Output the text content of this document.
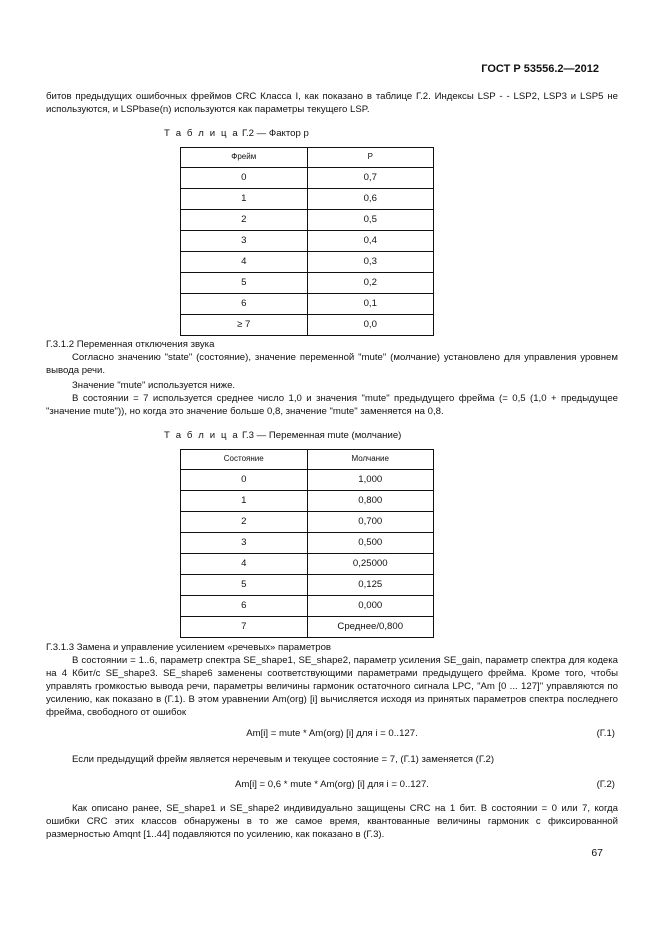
ГОСТ Р 53556.2—2012
битов предыдущих ошибочных фреймов CRC Класса I, как показано в таблице Г.2. Индексы LSP - - LSP2, LSP3 и LSP5 не используются, и LSPbase(n) используются как параметры текущего LSP.
Т а б л и ц а Г.2 — Фактор p
Фрейм	P
0	0,7
1	0,6
2	0,5
3	0,4
4	0,3
5	0,2
6	0,1
≥ 7	0,0
Г.3.1.2 Переменная отключения звука
Согласно значению "state" (состояние), значение переменной "mute" (молчание) установлено для управления уровнем вывода речи.
Значение "mute" используется ниже.
В состоянии = 7 используется среднее число 1,0 и значения "mute" предыдущего фрейма (= 0,5 (1,0 + предыдущее "значение mute")), но когда это значение больше 0,8, значение "mute" заменяется на 0,8.
Т а б л и ц а Г.3 — Переменная mute (молчание)
Состояние	Молчание
0	1,000
1	0,800
2	0,700
3	0,500
4	0,25000
5	0,125
6	0,000
7	Среднее/0,800
Г.3.1.3 Замена и управление усилением «речевых» параметров
В состоянии = 1..6, параметр спектра SE_shape1, SE_shape2, параметр усиления SE_gain, параметр спектра для кодека на 4 Кбит/с SE_shape3. SE_shape6 заменены соответствующими параметрами предыдущего фрейма. Кроме того, чтобы управлять громкостью вывода речи, параметры величины гармоник остаточного сигнала LPC, "Am [0 ... 127]" управляются по усилению, как показано в (Г.1). В этом уравнении Am(org) [i] вычисляется исходя из принятых параметров спектра последнего фрейма, свободного от ошибок
Am[i] = mute * Am(org) [i] для i = 0..127.	(Г.1)
Если предыдущий фрейм является неречевым и текущее состояние = 7, (Г.1) заменяется (Г.2)
Am[i] = 0,6 * mute * Am(org) [i] для i = 0..127.	(Г.2)
Как описано ранее, SE_shape1 и SE_shape2 индивидуально защищены CRC на 1 бит. В состоянии = 0 или 7, когда ошибки CRC этих классов обнаружены в то же самое время, квантованные величины гармоник с фиксированной размерностью Amqnt [1..44] подавляются по усилению, как показано в (Г.3).
67
